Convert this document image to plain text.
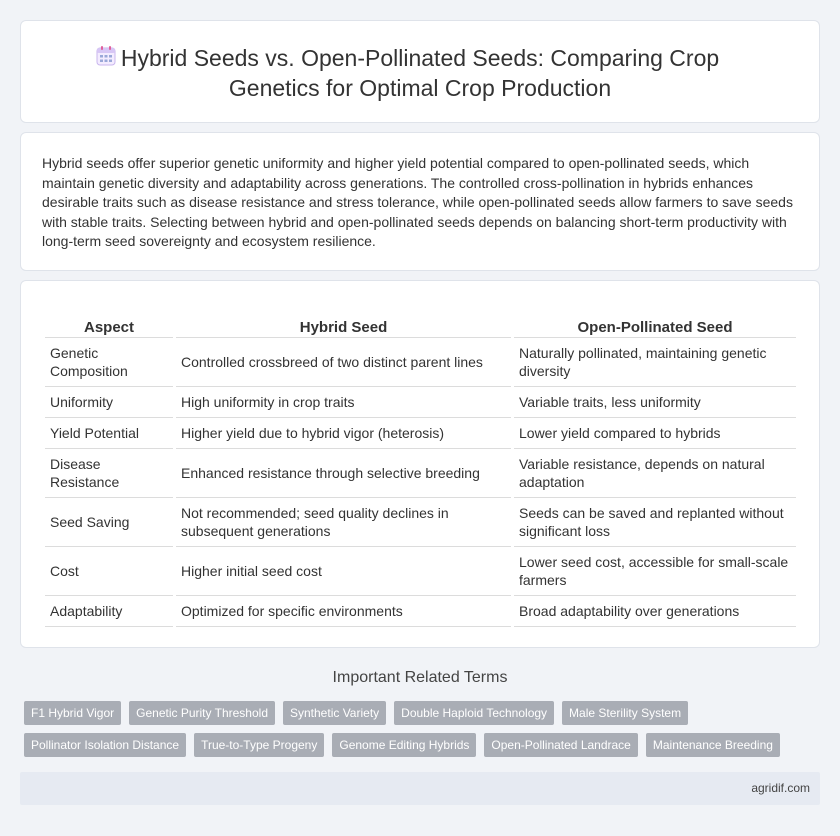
Hybrid Seeds vs. Open-Pollinated Seeds: Comparing Crop
Genetics for Optimal Crop Production

Hybrid seeds offer superior genetic uniformity and higher yield potential compared to open-pollinated seeds, which maintain genetic diversity and adaptability across generations. The controlled cross-pollination in hybrids enhances desirable traits such as disease resistance and stress tolerance, while open-pollinated seeds allow farmers to save seeds with stable traits. Selecting between hybrid and open-pollinated seeds depends on balancing short-term productivity with long-term seed sovereignty and ecosystem resilience.

Aspect	Hybrid Seed	Open-Pollinated Seed
Genetic Composition	Controlled crossbreed of two distinct parent lines	Naturally pollinated, maintaining genetic diversity
Uniformity	High uniformity in crop traits	Variable traits, less uniformity
Yield Potential	Higher yield due to hybrid vigor (heterosis)	Lower yield compared to hybrids
Disease Resistance	Enhanced resistance through selective breeding	Variable resistance, depends on natural adaptation
Seed Saving	Not recommended; seed quality declines in subsequent generations	Seeds can be saved and replanted without significant loss
Cost	Higher initial seed cost	Lower seed cost, accessible for small-scale farmers
Adaptability	Optimized for specific environments	Broad adaptability over generations
Important Related Terms
F1 Hybrid Vigor	Genetic Purity Threshold	Synthetic Variety	Double Haploid Technology	Male Sterility System
Pollinator Isolation Distance	True-to-Type Progeny	Genome Editing Hybrids	Open-Pollinated Landrace	Maintenance Breeding
agridif.com
